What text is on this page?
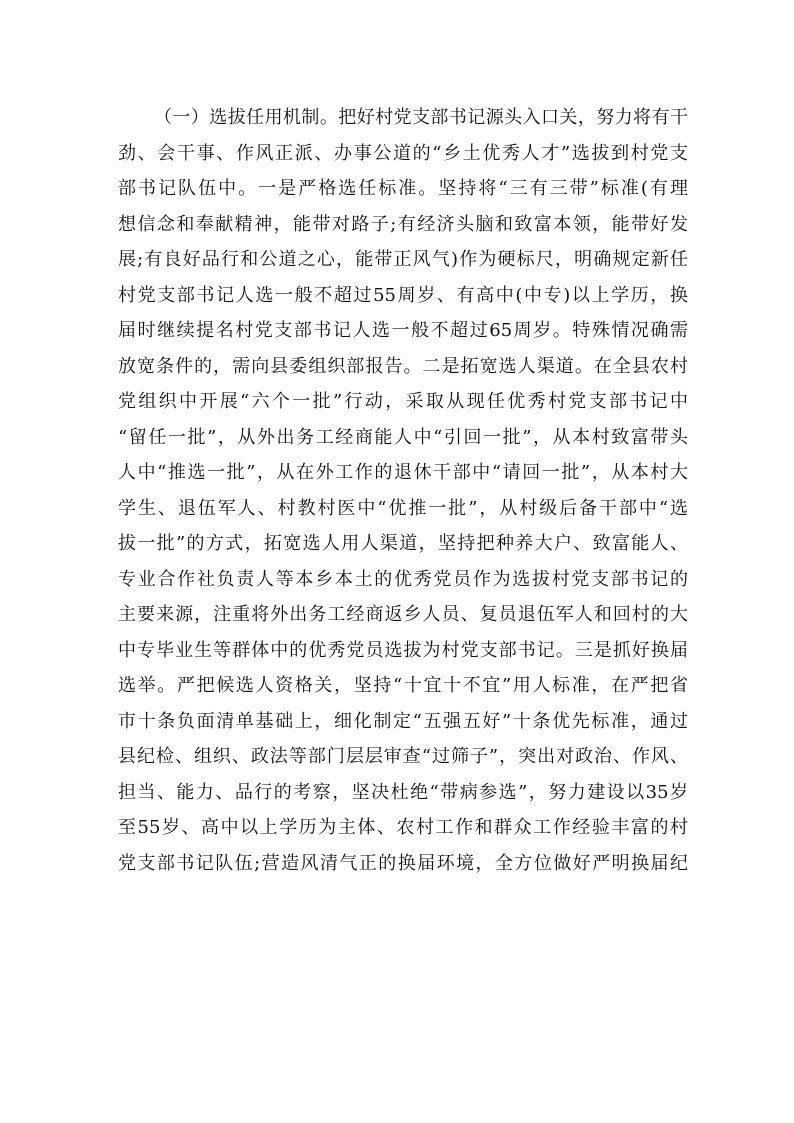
（一）选拔任用机制。把好村党支部书记源头入口关，努力将有干
劲、会干事、作风正派、办事公道的“乡土优秀人才”选拔到村党支
部书记队伍中。一是严格选任标准。坚持将“三有三带”标准(有理
想信念和奉献精神，能带对路子;有经济头脑和致富本领，能带好发
展;有良好品行和公道之心，能带正风气)作为硬标尺，明确规定新任
村党支部书记人选一般不超过55周岁、有高中(中专)以上学历，换
届时继续提名村党支部书记人选一般不超过65周岁。特殊情况确需
放宽条件的，需向县委组织部报告。二是拓宽选人渠道。在全县农村
党组织中开展“六个一批”行动，采取从现任优秀村党支部书记中
“留任一批”，从外出务工经商能人中“引回一批”，从本村致富带头
人中“推选一批”，从在外工作的退休干部中“请回一批”，从本村大
学生、退伍军人、村教村医中“优推一批”，从村级后备干部中“选
拔一批”的方式，拓宽选人用人渠道，坚持把种养大户、致富能人、
专业合作社负责人等本乡本土的优秀党员作为选拔村党支部书记的
主要来源，注重将外出务工经商返乡人员、复员退伍军人和回村的大
中专毕业生等群体中的优秀党员选拔为村党支部书记。三是抓好换届
选举。严把候选人资格关，坚持“十宜十不宜”用人标准，在严把省
市十条负面清单基础上，细化制定“五强五好”十条优先标准，通过
县纪检、组织、政法等部门层层审查“过筛子”，突出对政治、作风、
担当、能力、品行的考察，坚决杜绝“带病参选”，努力建设以35岁
至55岁、高中以上学历为主体、农村工作和群众工作经验丰富的村
党支部书记队伍;营造风清气正的换届环境，全方位做好严明换届纪
